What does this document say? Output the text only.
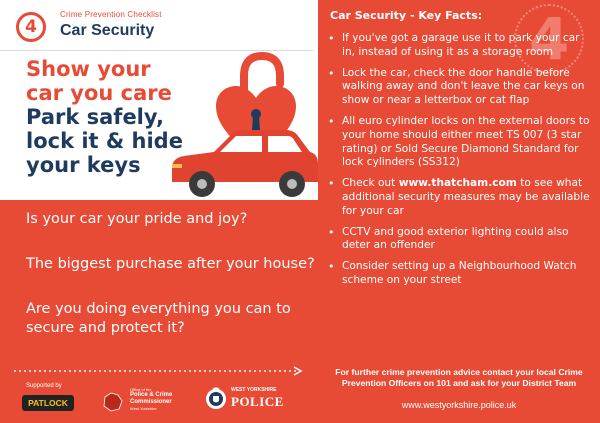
4
Crime Prevention Checklist
Car Security
Show your
car you care
Park safely,
lock it & hide
your keys
Is your car your pride and joy?
The biggest purchase after your house?
Are you doing everything you can to secure and protect it?
Supported by
PATLOCK
Office of the
Police & Crime
Commissioner
West Yorkshire
WEST YORKSHIRE
POLICE
4
Car Security - Key Facts:
• If you've got a garage use it to park your car in, instead of using it as a storage room
• Lock the car, check the door handle before walking away and don't leave the car keys on show or near a letterbox or cat flap
• All euro cylinder locks on the external doors to your home should either meet TS 007 (3 star rating) or Sold Secure Diamond Standard for lock cylinders (SS312)
• Check out www.thatcham.com to see what additional security measures may be available for your car
• CCTV and good exterior lighting could also deter an offender
• Consider setting up a Neighbourhood Watch scheme on your street
For further crime prevention advice contact your local Crime Prevention Officers on 101 and ask for your District Team
www.westyorkshire.police.uk
